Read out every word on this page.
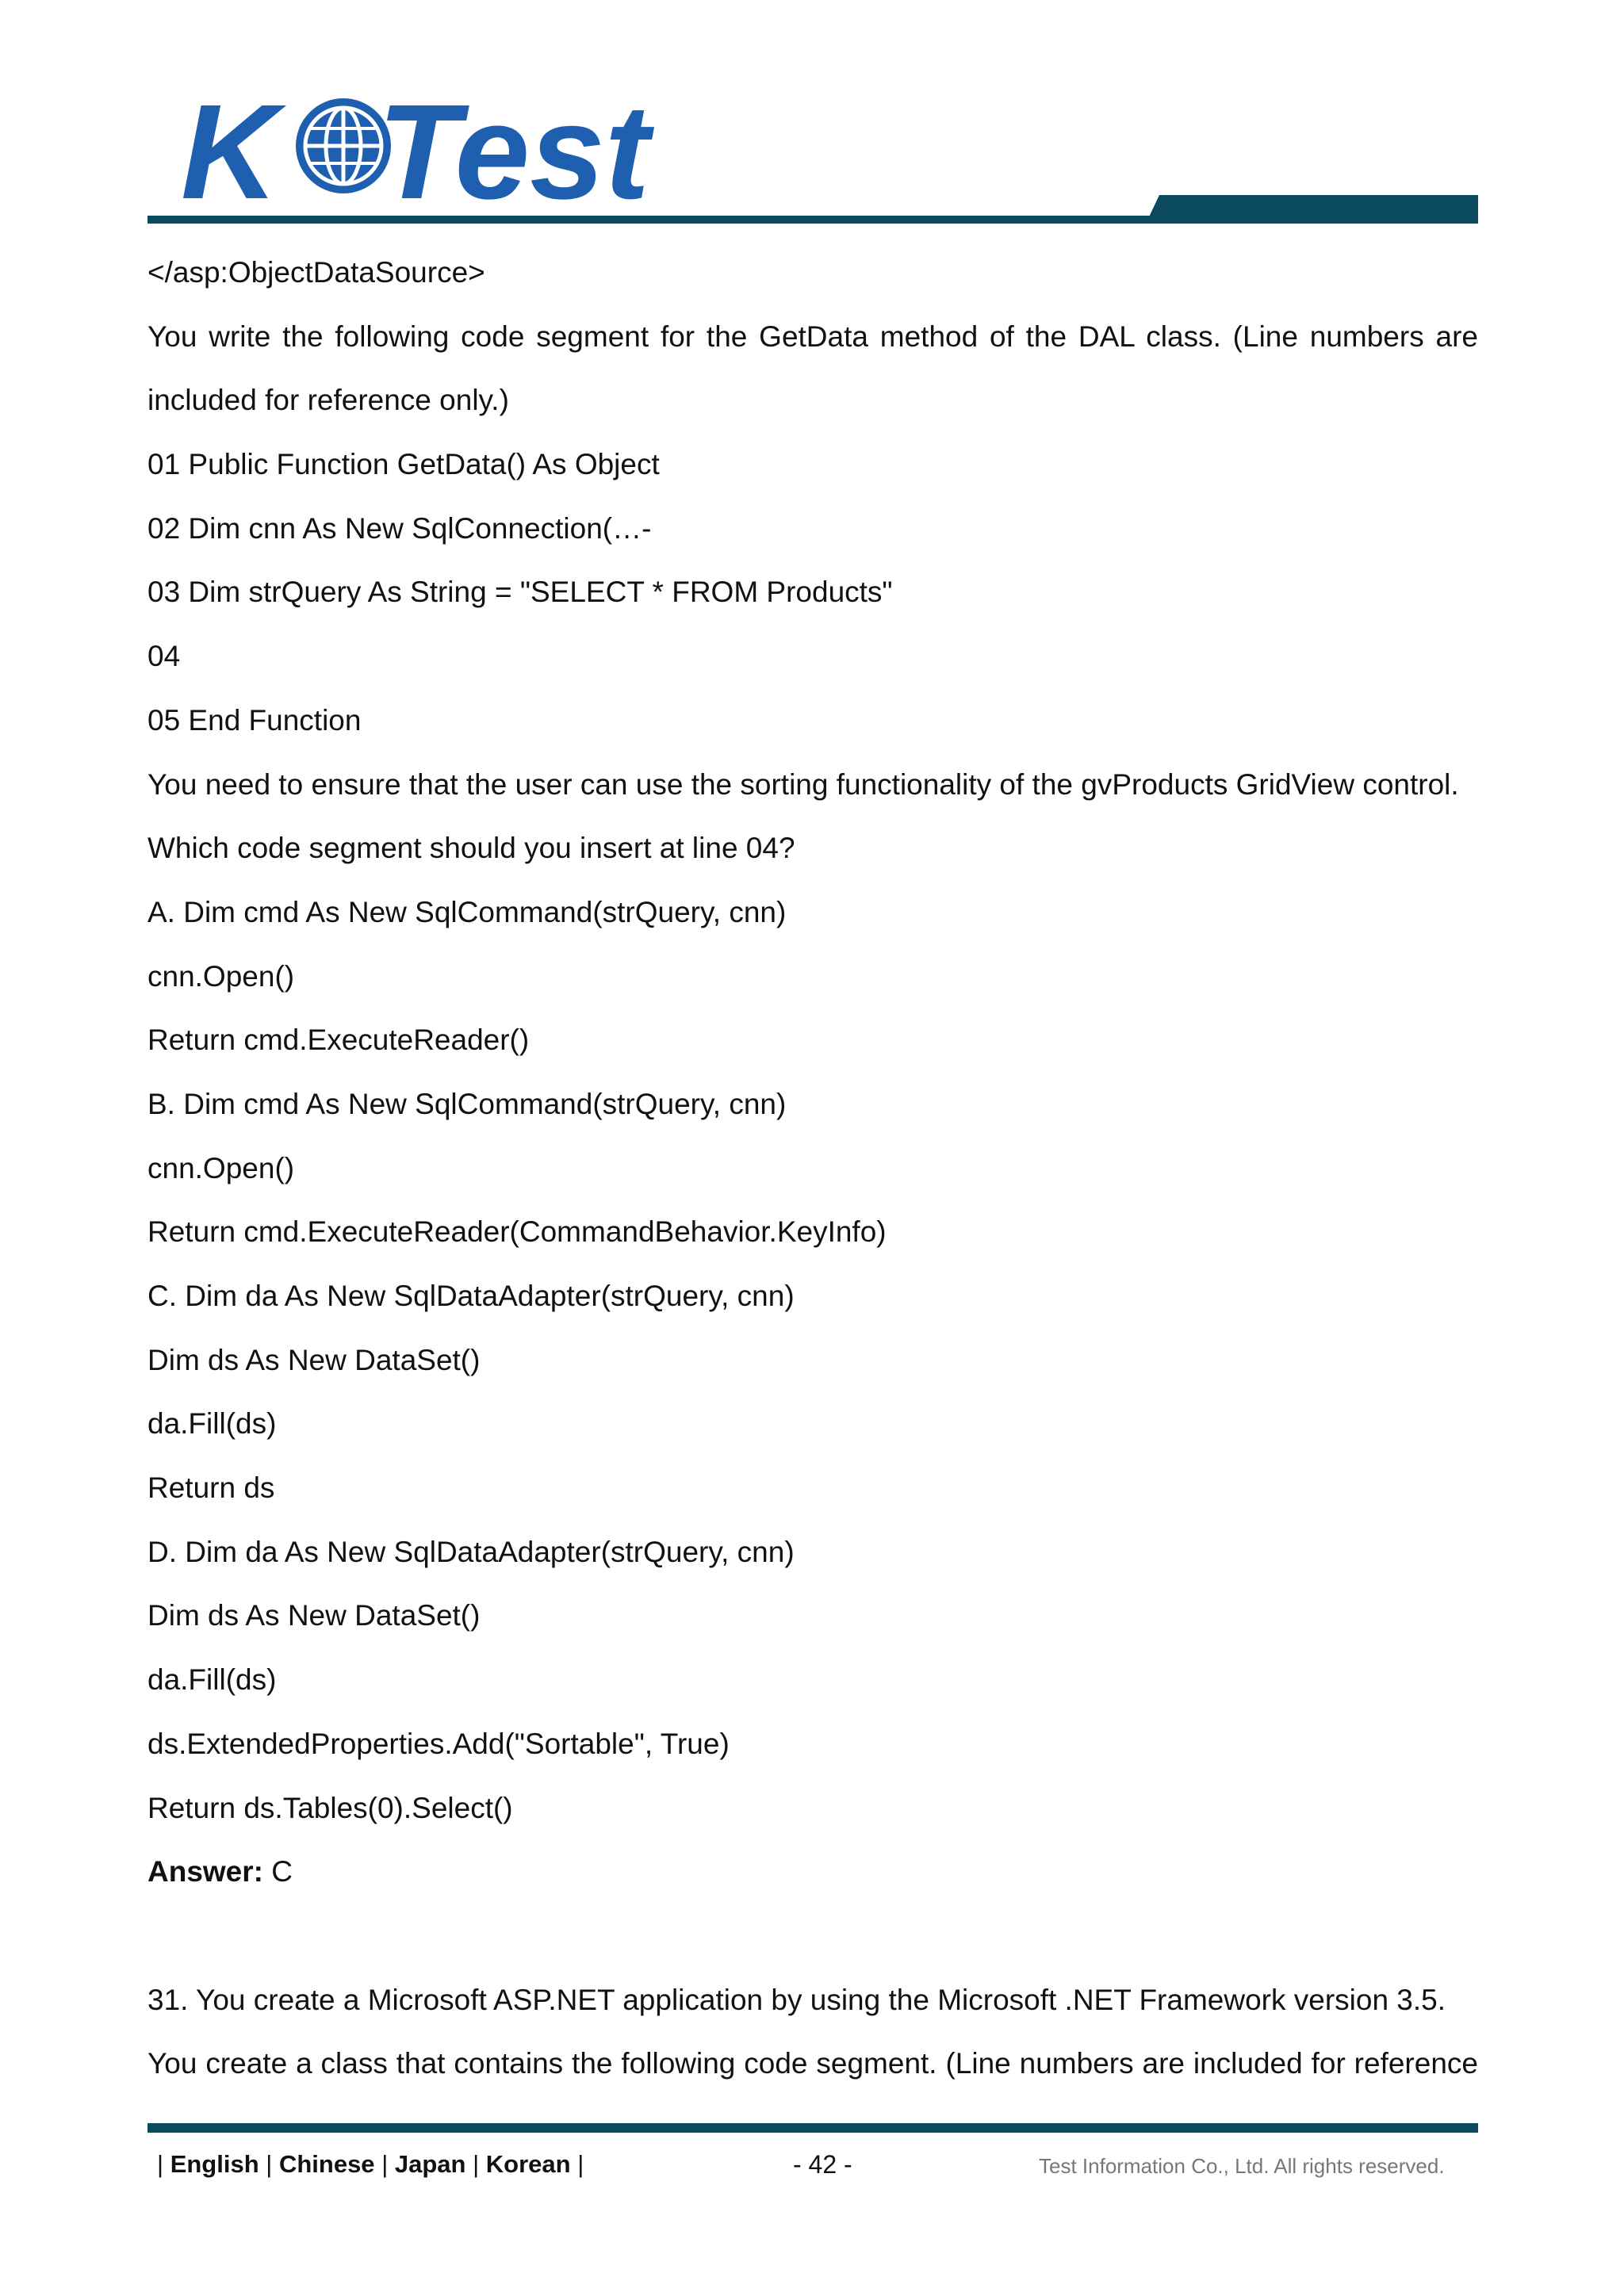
K Test
</asp:ObjectDataSource>
You write the following code segment for the GetData method of the DAL class. (Line numbers are
included for reference only.)
01 Public Function GetData() As Object
02 Dim cnn As New SqlConnection(…-
03 Dim strQuery As String = "SELECT * FROM Products"
04
05 End Function
You need to ensure that the user can use the sorting functionality of the gvProducts GridView control.
Which code segment should you insert at line 04?
A. Dim cmd As New SqlCommand(strQuery, cnn)
cnn.Open()
Return cmd.ExecuteReader()
B. Dim cmd As New SqlCommand(strQuery, cnn)
cnn.Open()
Return cmd.ExecuteReader(CommandBehavior.KeyInfo)
C. Dim da As New SqlDataAdapter(strQuery, cnn)
Dim ds As New DataSet()
da.Fill(ds)
Return ds
D. Dim da As New SqlDataAdapter(strQuery, cnn)
Dim ds As New DataSet()
da.Fill(ds)
ds.ExtendedProperties.Add("Sortable", True)
Return ds.Tables(0).Select()
Answer: C
31. You create a Microsoft ASP.NET application by using the Microsoft .NET Framework version 3.5.
You create a class that contains the following code segment. (Line numbers are included for reference
| English | Chinese | Japan | Korean |	- 42 -	Test Information Co., Ltd. All rights reserved.
